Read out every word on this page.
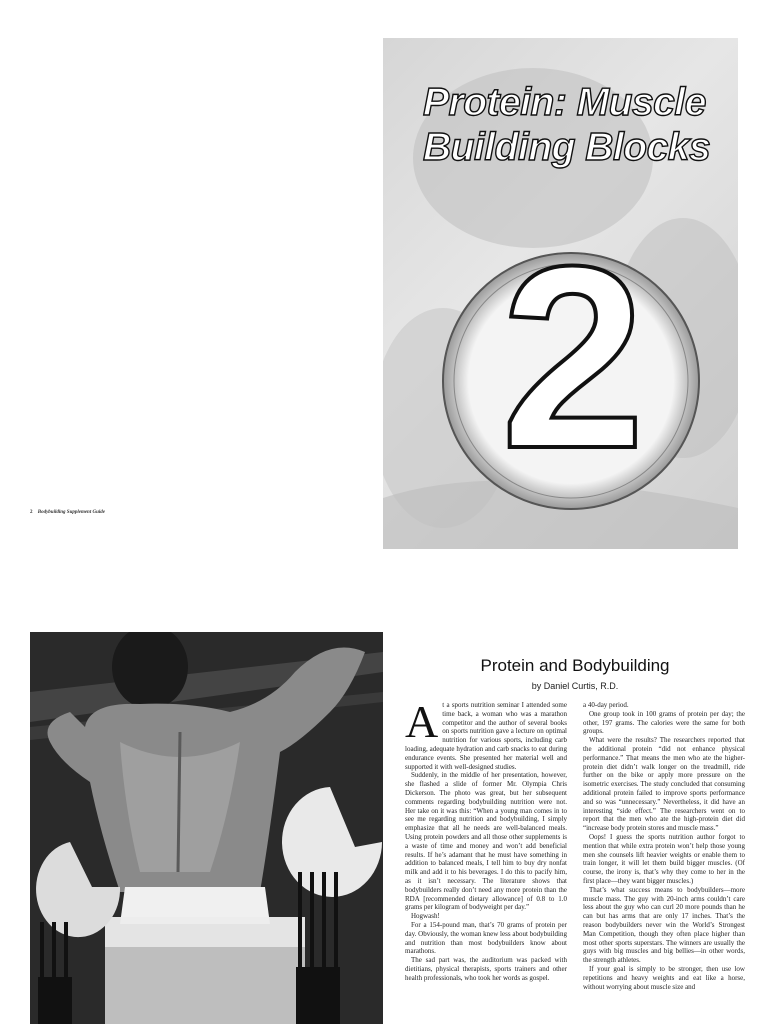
Protein: Muscle
Building Blocks
2
2 Bodybuilding Supplement Guide
Protein and Bodybuilding
by Daniel Curtis, R.D.
A t a sports nutrition seminar I attended some time back, a woman who was a marathon competitor and the author of several books on sports nutrition gave a lecture on optimal nutrition for various sports, including carb loading, adequate hydration and carb snacks to eat during endurance events. She presented her material well and supported it with well-designed studies.

Suddenly, in the middle of her presentation, however, she flashed a slide of former Mr. Olympia Chris Dickerson. The photo was great, but her subsequent comments regarding bodybuilding nutrition were not. Her take on it was this: “When a young man comes in to see me regarding nutrition and bodybuilding, I simply emphasize that all he needs are well-balanced meals. Using protein powders and all those other supplements is a waste of time and money and won’t add beneficial results. If he’s adamant that he must have something in addition to balanced meals, I tell him to buy dry nonfat milk and add it to his beverages. I do this to pacify him, as it isn’t necessary. The literature shows that bodybuilders really don’t need any more protein than the RDA [recommended dietary allowance] of 0.8 to 1.0 grams per kilogram of bodyweight per day.”

Hogwash!

For a 154-pound man, that’s 70 grams of protein per day. Obviously, the woman knew less about bodybuilding and nutrition than most bodybuilders know about marathons.

The sad part was, the auditorium was packed with dietitians, physical therapists, sports trainers and other health professionals, who took her words as gospel.

a 40-day period.

One group took in 100 grams of protein per day; the other, 197 grams. The calories were the same for both groups.

What were the results? The researchers reported that the additional protein “did not enhance physical performance.” That means the men who ate the higher-protein diet didn’t walk longer on the treadmill, ride further on the bike or apply more pressure on the isometric exercises. The study concluded that consuming additional protein failed to improve sports performance and so was “unnecessary.” Nevertheless, it did have an interesting “side effect.” The researchers went on to report that the men who ate the high-protein diet did “increase body protein stores and muscle mass.”

Oops! I guess the sports nutrition author forgot to mention that while extra protein won’t help those young men she counsels lift heavier weights or enable them to train longer, it will let them build bigger muscles. (Of course, the irony is, that’s why they come to her in the first place—they want bigger muscles.)

That’s what success means to bodybuilders—more muscle mass. The guy with 20-inch arms couldn’t care less about the guy who can curl 20 more pounds than he can but has arms that are only 17 inches. That’s the reason bodybuilders never win the World’s Strongest Man Competition, though they often place higher than most other sports superstars. The winners are usually the guys with big muscles and big bellies—in other words, the strength athletes.

If your goal is simply to be stronger, then use low repetitions and heavy weights and eat like a horse, without worrying about muscle size and
